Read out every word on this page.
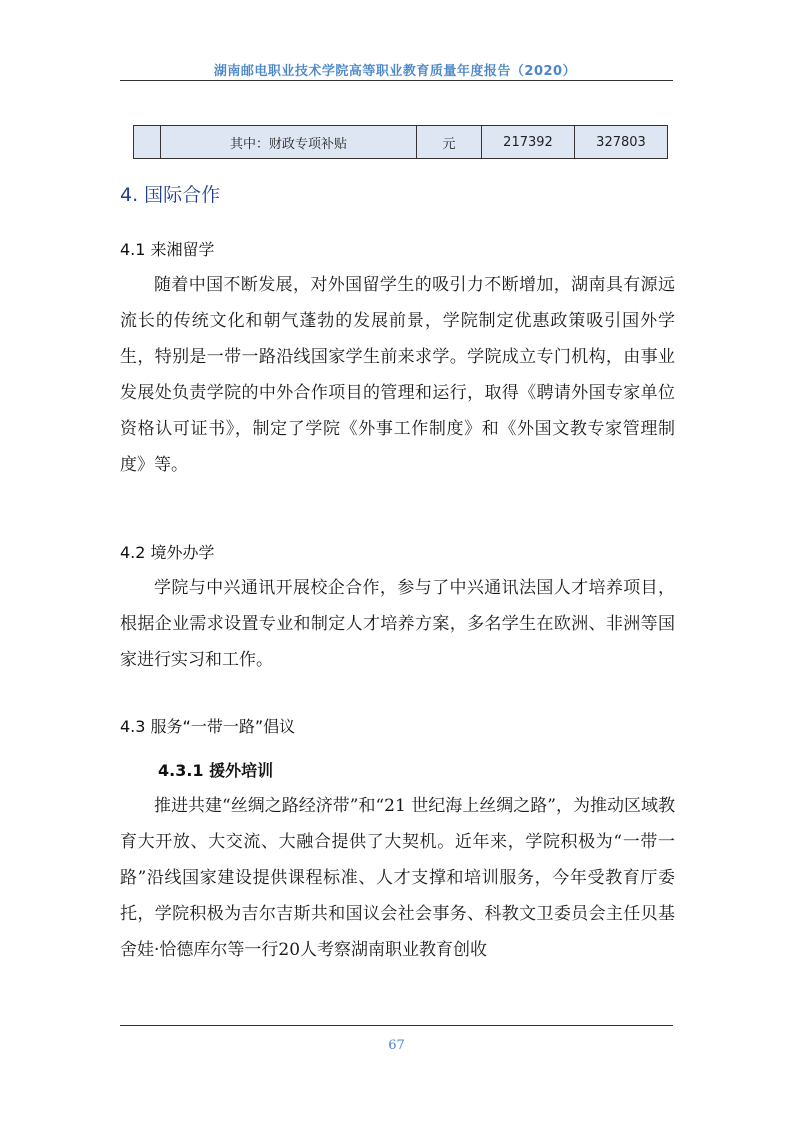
湖南邮电职业技术学院高等职业教育质量年度报告（2020）
	其中：财政专项补贴	元	217392	327803
4. 国际合作
4.1 来湘留学

随着中国不断发展，对外国留学生的吸引力不断增加，湖南具有源远流长的传统文化和朝气蓬勃的发展前景，学院制定优惠政策吸引国外学生，特别是一带一路沿线国家学生前来求学。学院成立专门机构，由事业发展处负责学院的中外合作项目的管理和运行，取得《聘请外国专家单位资格认可证书》，制定了学院《外事工作制度》和《外国文教专家管理制度》等。

4.2 境外办学

学院与中兴通讯开展校企合作，参与了中兴通讯法国人才培养项目，根据企业需求设置专业和制定人才培养方案，多名学生在欧洲、非洲等国家进行实习和工作。

4.3 服务“一带一路”倡议
4.3.1 援外培训

推进共建“丝绸之路经济带”和“21 世纪海上丝绸之路”，为推动区域教育大开放、大交流、大融合提供了大契机。近年来，学院积极为“一带一路”沿线国家建设提供课程标准、人才支撑和培训服务，今年受教育厅委托，学院积极为吉尔吉斯共和国议会社会事务、科教文卫委员会主任贝基舍娃·恰德库尔等一行20人考察湖南职业教育创收

67
